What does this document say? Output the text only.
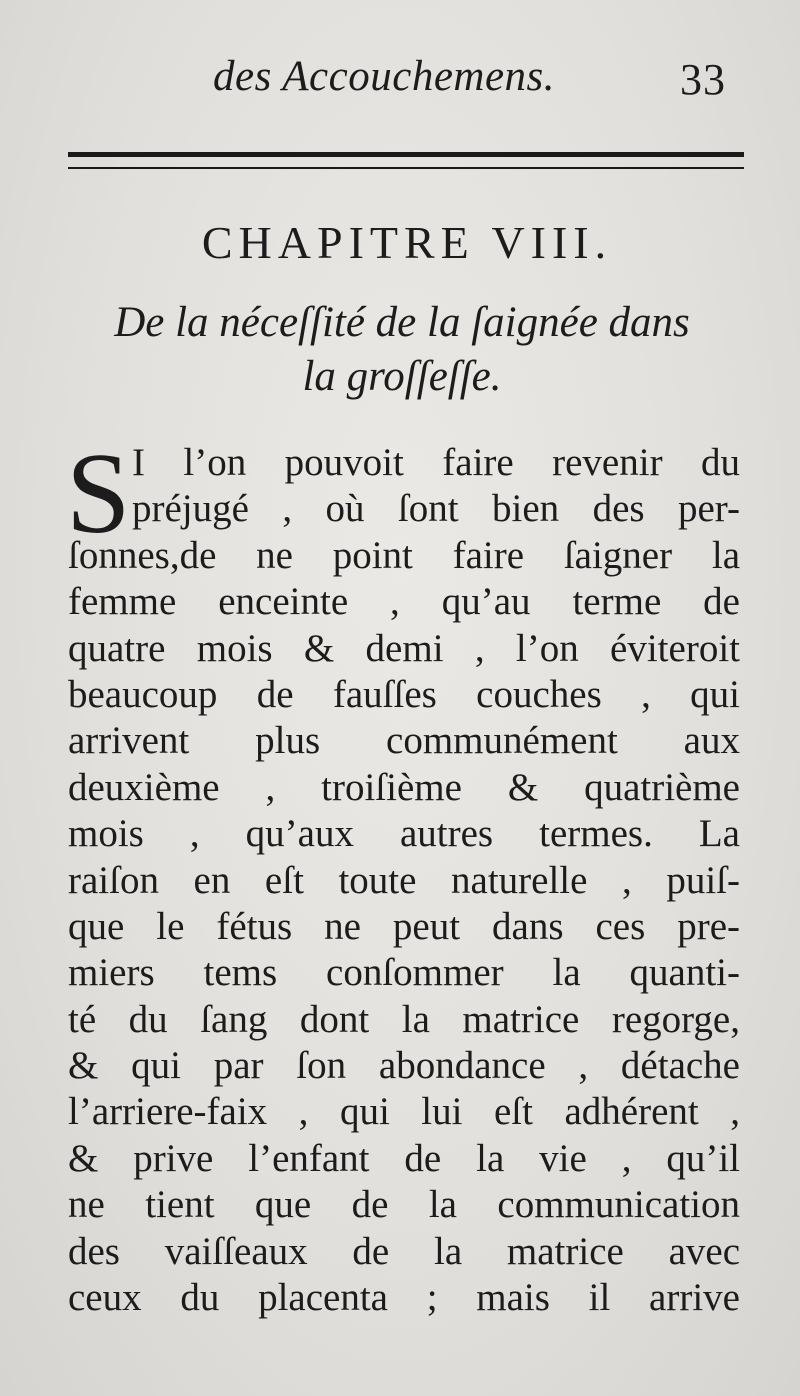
des Accouchemens.	33
CHAPITRE VIII.
De la néceſſité de la ſaignée dans
la groſſeſſe.
S I l’on pouvoit faire revenir du
préjugé , où ſont bien des per-
ſonnes,de ne point faire ſaigner la
femme enceinte , qu’au terme de
quatre mois & demi , l’on éviteroit
beaucoup de fauſſes couches , qui
arrivent plus communément aux
deuxième , troiſième & quatrième
mois , qu’aux autres termes. La
raiſon en eſt toute naturelle , puiſ-
que le fétus ne peut dans ces pre-
miers tems conſommer la quanti-
té du ſang dont la matrice regorge,
& qui par ſon abondance , détache
l’arriere-faix , qui lui eſt adhérent ,
& prive l’enfant de la vie , qu’il
ne tient que de la communication
des vaiſſeaux de la matrice avec
ceux du placenta ; mais il arrive
